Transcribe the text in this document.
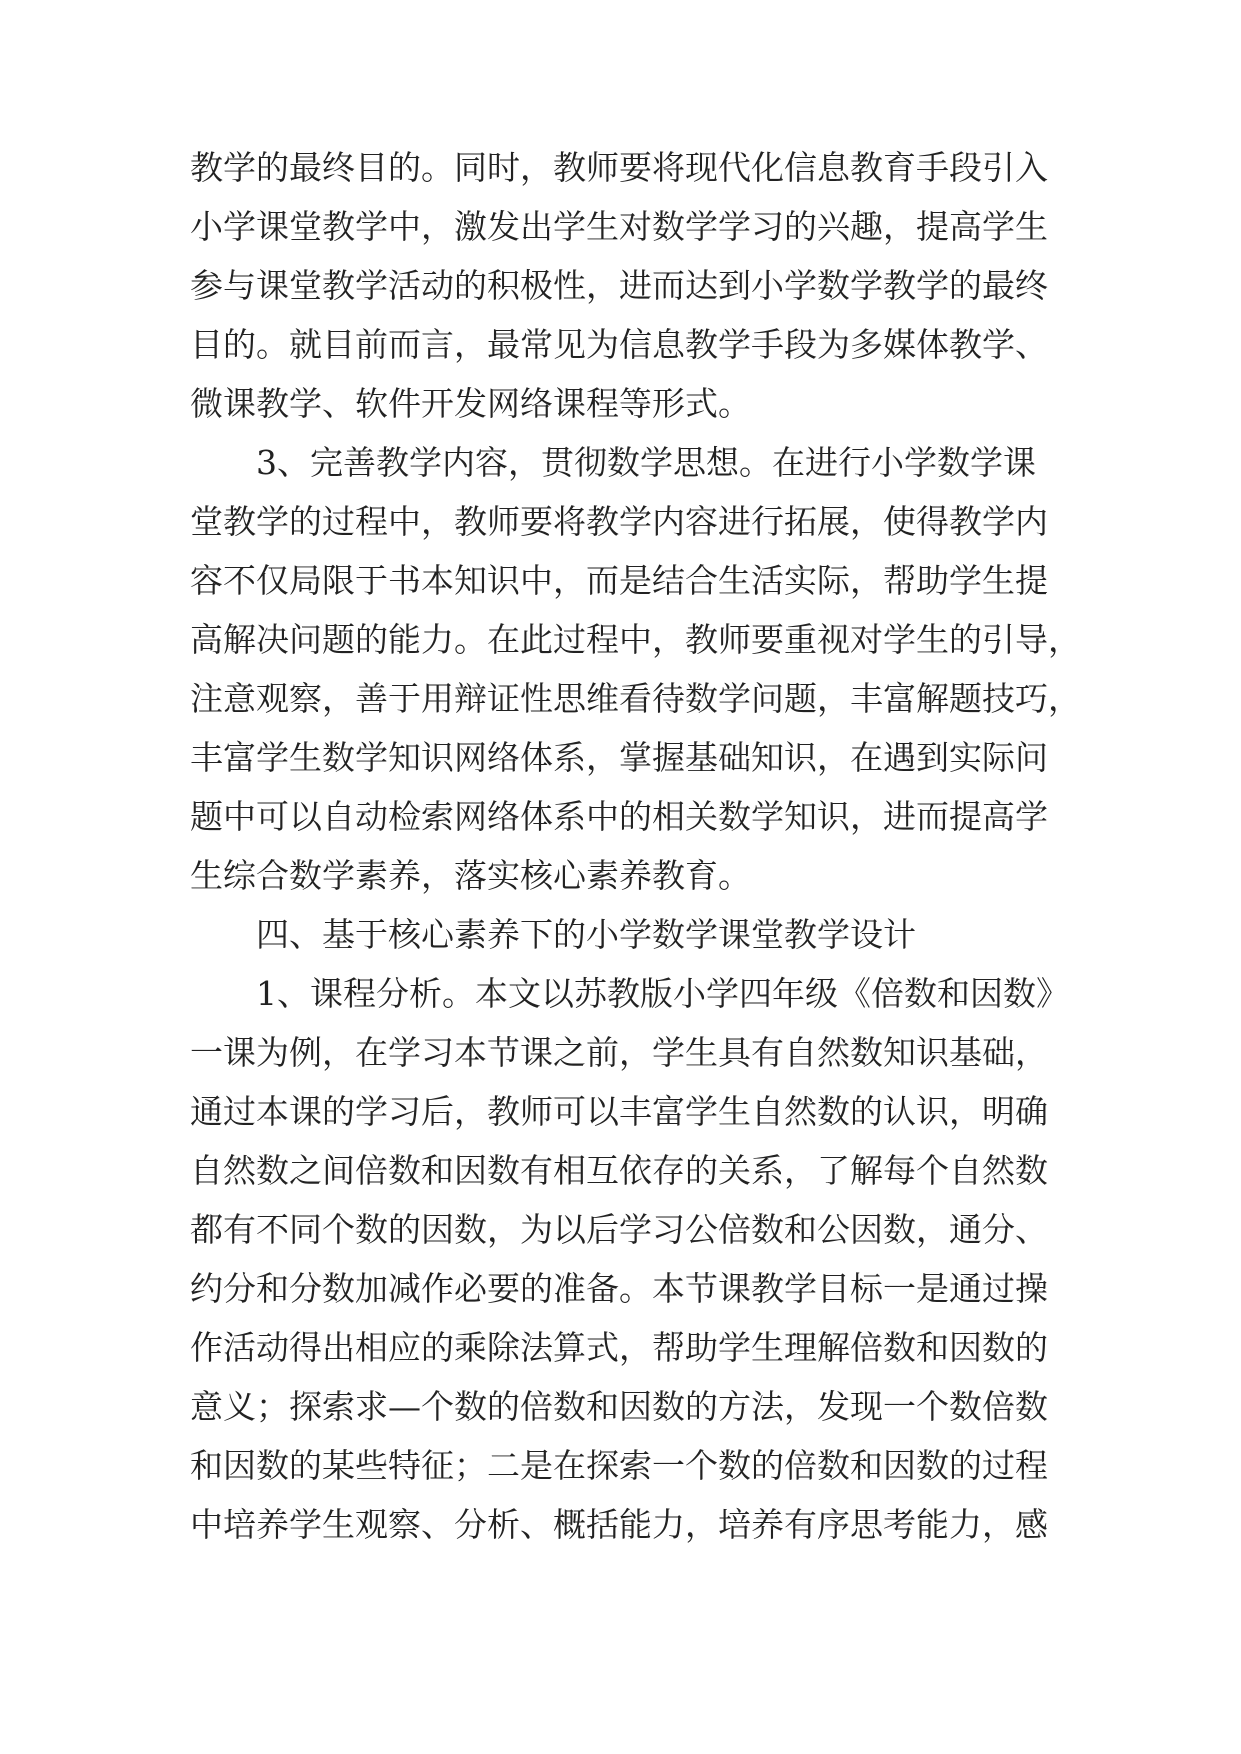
教学的最终目的。同时，教师要将现代化信息教育手段引入
小学课堂教学中，激发出学生对数学学习的兴趣，提高学生
参与课堂教学活动的积极性，进而达到小学数学教学的最终
目的。就目前而言，最常见为信息教学手段为多媒体教学、
微课教学、软件开发网络课程等形式。
　　3、完善教学内容，贯彻数学思想。在进行小学数学课
堂教学的过程中，教师要将教学内容进行拓展，使得教学内
容不仅局限于书本知识中，而是结合生活实际，帮助学生提
高解决问题的能力。在此过程中，教师要重视对学生的引导，
注意观察，善于用辩证性思维看待数学问题，丰富解题技巧，
丰富学生数学知识网络体系，掌握基础知识，在遇到实际问
题中可以自动检索网络体系中的相关数学知识，进而提高学
生综合数学素养，落实核心素养教育。
　　四、基于核心素养下的小学数学课堂教学设计
　　1、课程分析。本文以苏教版小学四年级《倍数和因数》
一课为例，在学习本节课之前，学生具有自然数知识基础，
通过本课的学习后，教师可以丰富学生自然数的认识，明确
自然数之间倍数和因数有相互依存的关系，了解每个自然数
都有不同个数的因数，为以后学习公倍数和公因数，通分、
约分和分数加减作必要的准备。本节课教学目标一是通过操
作活动得出相应的乘除法算式，帮助学生理解倍数和因数的
意义；探索求—个数的倍数和因数的方法，发现一个数倍数
和因数的某些特征；二是在探索一个数的倍数和因数的过程
中培养学生观察、分析、概括能力，培养有序思考能力，感
